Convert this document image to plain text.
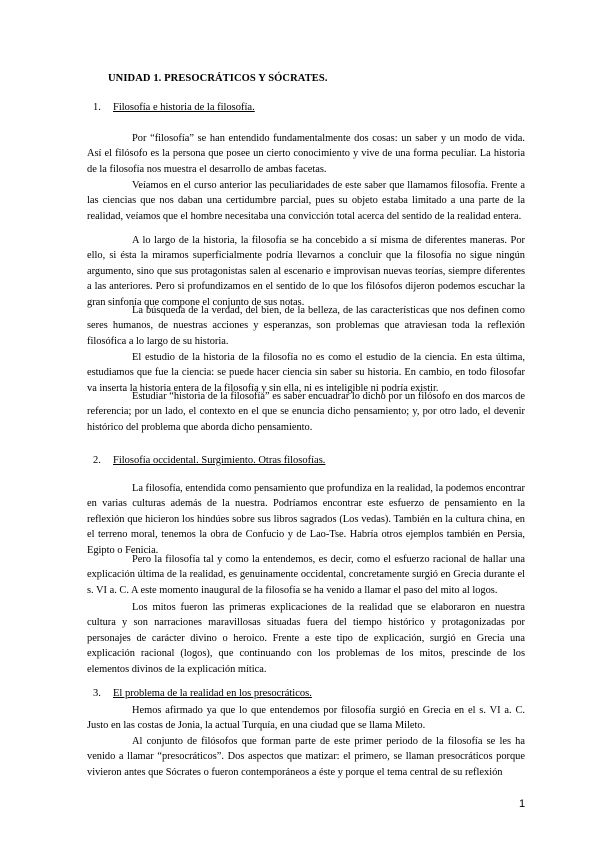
UNIDAD 1. PRESOCRÁTICOS Y SÓCRATES.
1. Filosofía e historia de la filosofía.

Por “filosofía” se han entendido fundamentalmente dos cosas: un saber y un modo de vida. Así el filósofo es la persona que posee un cierto conocimiento y vive de una forma peculiar. La historia de la filosofía nos muestra el desarrollo de ambas facetas.

Veíamos en el curso anterior las peculiaridades de este saber que llamamos filosofía. Frente a las ciencias que nos daban una certidumbre parcial, pues su objeto estaba limitado a una parte de la realidad, veíamos que el hombre necesitaba una convicción total acerca del sentido de la realidad entera.

A lo largo de la historia, la filosofía se ha concebido a sí misma de diferentes maneras. Por ello, si ésta la miramos superficialmente podría llevarnos a concluir que la filosofía no sigue ningún argumento, sino que sus protagonistas salen al escenario e improvisan nuevas teorías, siempre diferentes a las anteriores. Pero si profundizamos en el sentido de lo que los filósofos dijeron podemos escuchar la gran sinfonía que compone el conjunto de sus notas.

La búsqueda de la verdad, del bien, de la belleza, de las características que nos definen como seres humanos, de nuestras acciones y esperanzas, son problemas que atraviesan toda la reflexión filosófica a lo largo de su historia.

El estudio de la historia de la filosofía no es como el estudio de la ciencia. En esta última, estudiamos que fue la ciencia: se puede hacer ciencia sin saber su historia. En cambio, en todo filosofar va inserta la historia entera de la filosofía y sin ella, ni es inteligible ni podría existir.

Estudiar “historia de la filosofía” es saber encuadrar lo dicho por un filósofo en dos marcos de referencia; por un lado, el contexto en el que se enuncia dicho pensamiento; y, por otro lado, el devenir histórico del problema que aborda dicho pensamiento.

2. Filosofía occidental. Surgimiento. Otras filosofías.

La filosofía, entendida como pensamiento que profundiza en la realidad, la podemos encontrar en varias culturas además de la nuestra. Podríamos encontrar este esfuerzo de pensamiento en la reflexión que hicieron los hindúes sobre sus libros sagrados (Los vedas). También en la cultura china, en el terreno moral, tenemos la obra de Confucio y de Lao-Tse. Habría otros ejemplos también en Persia, Egipto o Fenicia.

Pero la filosofía tal y como la entendemos, es decir, como el esfuerzo racional de hallar una explicación última de la realidad, es genuinamente occidental, concretamente surgió en Grecia durante el s. VI a. C. A este momento inaugural de la filosofía se ha venido a llamar el paso del mito al logos.

Los mitos fueron las primeras explicaciones de la realidad que se elaboraron en nuestra cultura y son narraciones maravillosas situadas fuera del tiempo histórico y protagonizadas por personajes de carácter divino o heroico. Frente a este tipo de explicación, surgió en Grecia una explicación racional (logos), que continuando con los problemas de los mitos, prescinde de los elementos divinos de la explicación mítica.

3. El problema de la realidad en los presocráticos.

Hemos afirmado ya que lo que entendemos por filosofía surgió en Grecia en el s. VI a. C. Justo en las costas de Jonia, la actual Turquía, en una ciudad que se llama Mileto.

Al conjunto de filósofos que forman parte de este primer periodo de la filosofía se les ha venido a llamar “presocráticos”. Dos aspectos que matizar: el primero, se llaman presocráticos porque vivieron antes que Sócrates o fueron contemporáneos a éste y porque el tema central de su reflexión

1
